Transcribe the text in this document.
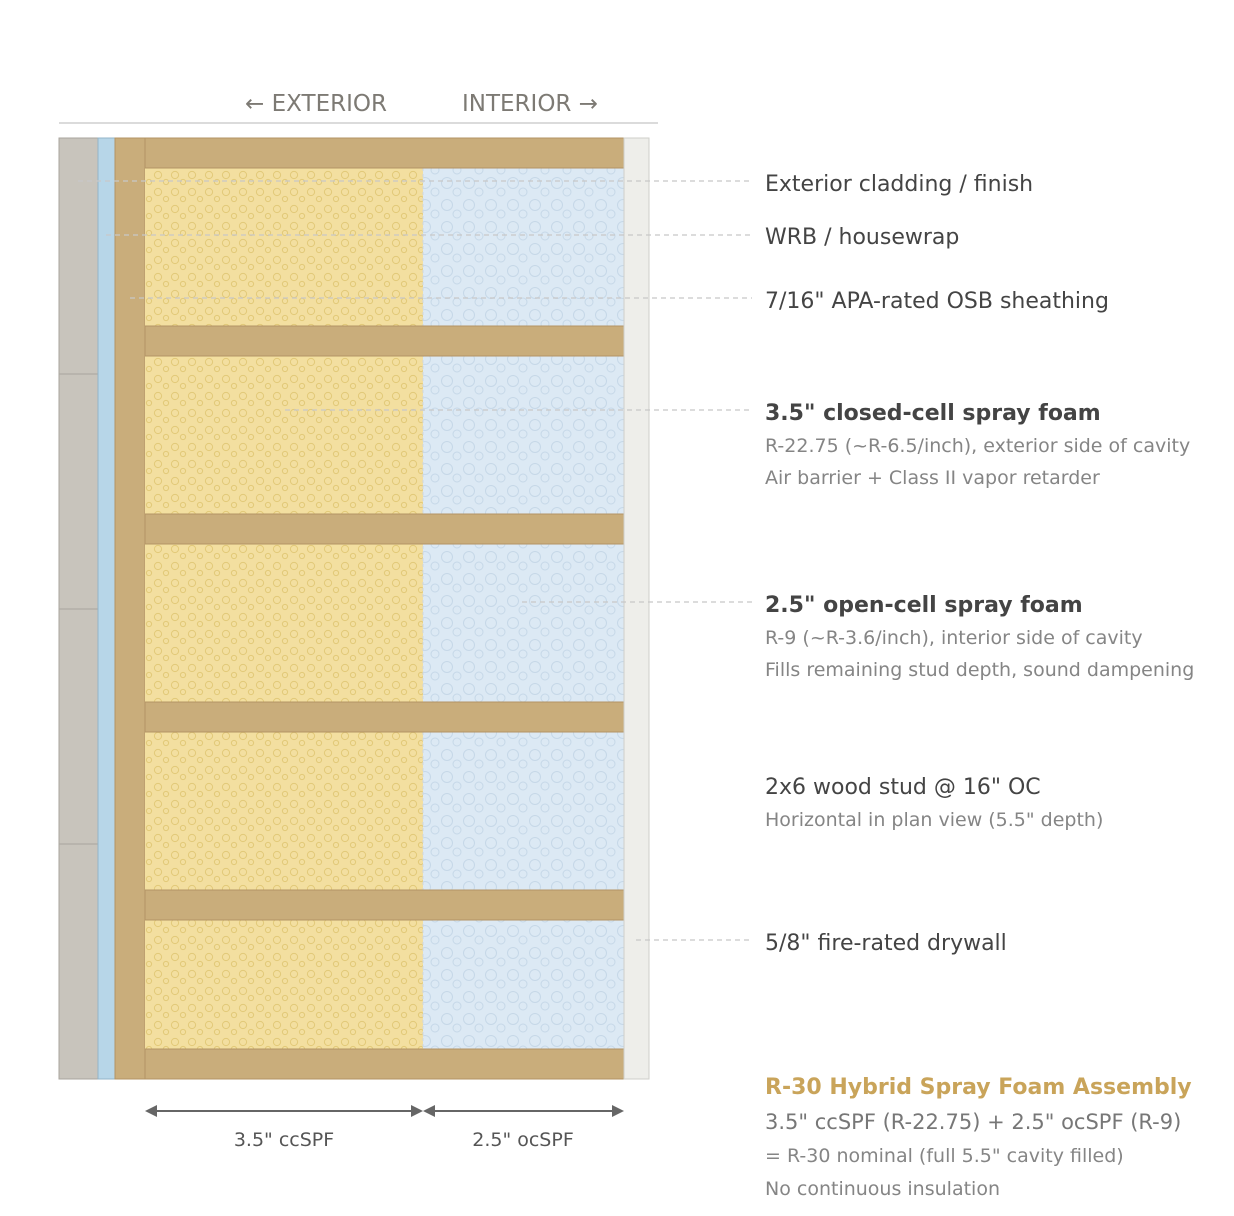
← EXTERIOR	INTERIOR →
Exterior cladding / finish
WRB / housewrap
7/16" APA-rated OSB sheathing
3.5" closed-cell spray foam
R-22.75 (~R-6.5/inch), exterior side of cavity
Air barrier + Class II vapor retarder
2.5" open-cell spray foam
R-9 (~R-3.6/inch), interior side of cavity
Fills remaining stud depth, sound dampening
2x6 wood stud @ 16" OC
Horizontal in plan view (5.5" depth)
5/8" fire-rated drywall
3.5" ccSPF	2.5" ocSPF
R-30 Hybrid Spray Foam Assembly
3.5" ccSPF (R-22.75) + 2.5" ocSPF (R-9)
= R-30 nominal (full 5.5" cavity filled)
No continuous insulation
